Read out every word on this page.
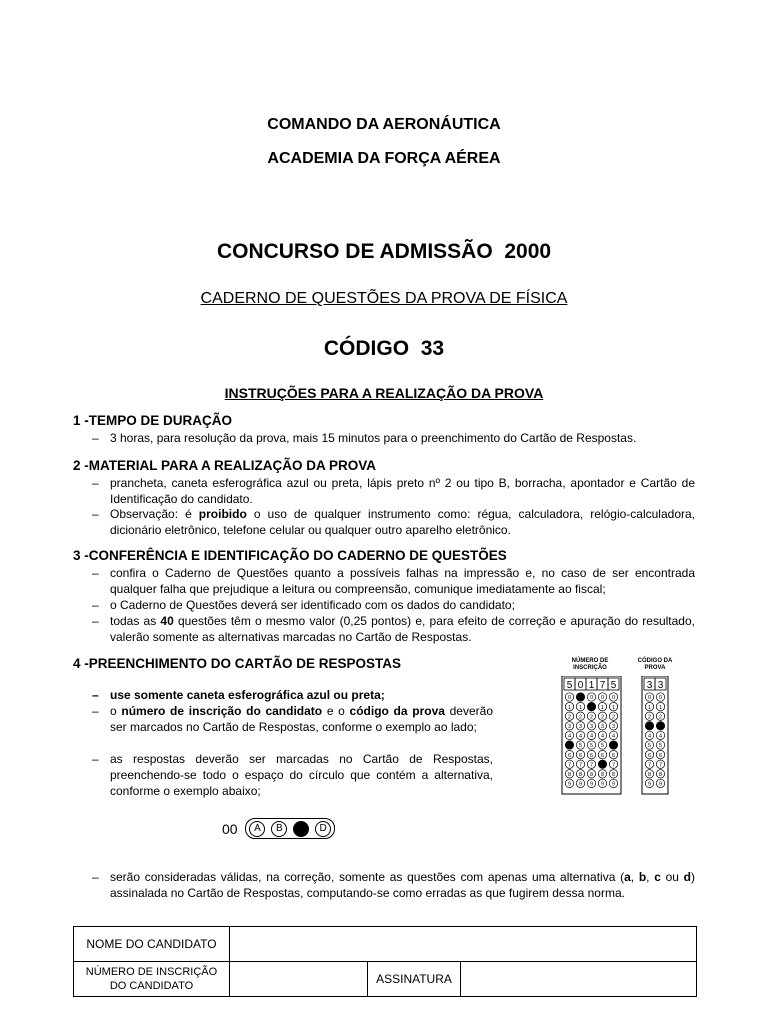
COMANDO DA AERONÁUTICA
ACADEMIA DA FORÇA AÉREA
CONCURSO DE ADMISSÃO  2000
CADERNO DE QUESTÕES DA PROVA DE FÍSICA
CÓDIGO  33
INSTRUÇÕES PARA A REALIZAÇÃO DA PROVA
1 -TEMPO DE DURAÇÃO
– 3 horas, para resolução da prova, mais 15 minutos para o preenchimento do Cartão de Respostas.
2 -MATERIAL PARA A REALIZAÇÃO DA PROVA
– prancheta, caneta esferográfica azul ou preta, lápis preto nº 2 ou tipo B, borracha, apontador e Cartão de Identificação do candidato.
– Observação: é proibido o uso de qualquer instrumento como: régua, calculadora, relógio-calculadora, dicionário eletrônico, telefone celular ou qualquer outro aparelho eletrônico.
3 -CONFERÊNCIA E IDENTIFICAÇÃO DO CADERNO DE QUESTÕES
– confira o Caderno de Questões quanto a possíveis falhas na impressão e, no caso de ser encontrada qualquer falha que prejudique a leitura ou compreensão, comunique imediatamente ao fiscal;
– o Caderno de Questões deverá ser identificado com os dados do candidato;
– todas as 40 questões têm o mesmo valor (0,25 pontos) e, para efeito de correção e apuração do resultado, valerão somente as alternativas marcadas no Cartão de Respostas.
4 -PREENCHIMENTO DO CARTÃO DE RESPOSTAS
– use somente caneta esferográfica azul ou preta;
– o número de inscrição do candidato e o código da prova deverão ser marcados no Cartão de Respostas, conforme o exemplo ao lado;
– as respostas deverão ser marcadas no Cartão de Respostas, preenchendo-se todo o espaço do círculo que contém a alternativa, conforme o exemplo abaixo;
00 A B C D
– serão consideradas válidas, na correção, somente as questões com apenas uma alternativa (a, b, c ou d) assinalada no Cartão de Respostas, computando-se como erradas as que fugirem dessa norma.
NÚMERO DE
INSCRIÇÃO
CÓDIGO DA
PROVA
5
0
1
2
3
4
6
7
8
9
0
1
2
3
4
5
6
7
8
9
1
0
2
3
4
5
6
7
8
9
7
0
1
2
3
4
5
6
8
9
5
0
1
2
3
4
6
7
8
9
3
0
1
2
4
5
6
7
8
9
3
0
1
2
4
5
6
7
8
9
NOME DO CANDIDATO			

NÚMERO DE INSCRIÇÃO
DO CANDIDATO		ASSINATURA	
